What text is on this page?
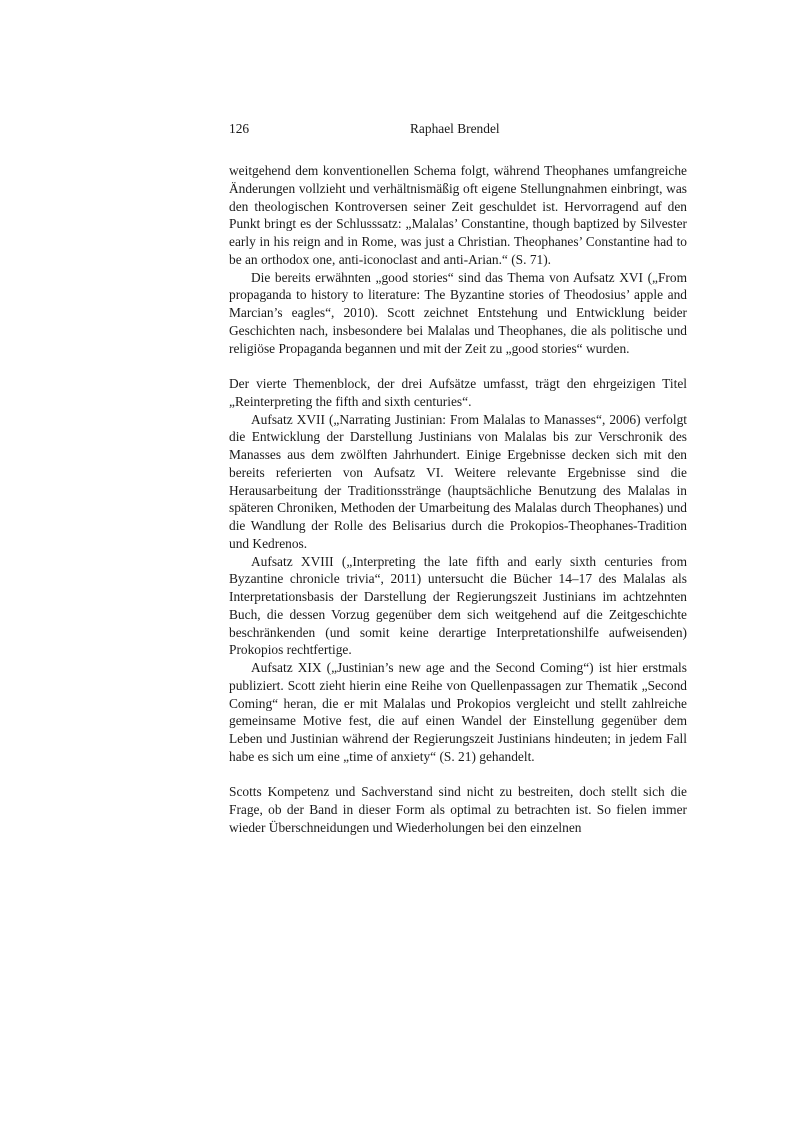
126	Raphael Brendel

weitgehend dem konventionellen Schema folgt, während Theophanes umfangreiche Änderungen vollzieht und verhältnismäßig oft eigene Stellungnahmen einbringt, was den theologischen Kontroversen seiner Zeit geschuldet ist. Hervorragend auf den Punkt bringt es der Schlusssatz: „Malalas’ Constantine, though baptized by Silvester early in his reign and in Rome, was just a Christian. Theophanes’ Constantine had to be an orthodox one, anti-iconoclast and anti-Arian.“ (S. 71).

Die bereits erwähnten „good stories“ sind das Thema von Aufsatz XVI („From propaganda to history to literature: The Byzantine stories of Theodosius’ apple and Marcian’s eagles“, 2010). Scott zeichnet Entstehung und Entwicklung beider Geschichten nach, insbesondere bei Malalas und Theophanes, die als politische und religiöse Propaganda begannen und mit der Zeit zu „good stories“ wurden.

Der vierte Themenblock, der drei Aufsätze umfasst, trägt den ehrgeizigen Titel „Reinterpreting the fifth and sixth centuries“.

Aufsatz XVII („Narrating Justinian: From Malalas to Manasses“, 2006) verfolgt die Entwicklung der Darstellung Justinians von Malalas bis zur Verschronik des Manasses aus dem zwölften Jahrhundert. Einige Ergebnisse decken sich mit den bereits referierten von Aufsatz VI. Weitere relevante Ergebnisse sind die Herausarbeitung der Traditionsstränge (hauptsächliche Benutzung des Malalas in späteren Chroniken, Methoden der Umarbeitung des Malalas durch Theophanes) und die Wandlung der Rolle des Belisarius durch die Prokopios-Theophanes-Tradition und Kedrenos.

Aufsatz XVIII („Interpreting the late fifth and early sixth centuries from Byzantine chronicle trivia“, 2011) untersucht die Bücher 14–17 des Malalas als Interpretationsbasis der Darstellung der Regierungszeit Justinians im achtzehnten Buch, die dessen Vorzug gegenüber dem sich weitgehend auf die Zeitgeschichte beschränkenden (und somit keine derartige Interpretationshilfe aufweisenden) Prokopios rechtfertige.

Aufsatz XIX („Justinian’s new age and the Second Coming“) ist hier erstmals publiziert. Scott zieht hierin eine Reihe von Quellenpassagen zur Thematik „Second Coming“ heran, die er mit Malalas und Prokopios vergleicht und stellt zahlreiche gemeinsame Motive fest, die auf einen Wandel der Einstellung gegenüber dem Leben und Justinian während der Regierungszeit Justinians hindeuten; in jedem Fall habe es sich um eine „time of anxiety“ (S. 21) gehandelt.

Scotts Kompetenz und Sachverstand sind nicht zu bestreiten, doch stellt sich die Frage, ob der Band in dieser Form als optimal zu betrachten ist. So fielen immer wieder Überschneidungen und Wiederholungen bei den einzelnen
